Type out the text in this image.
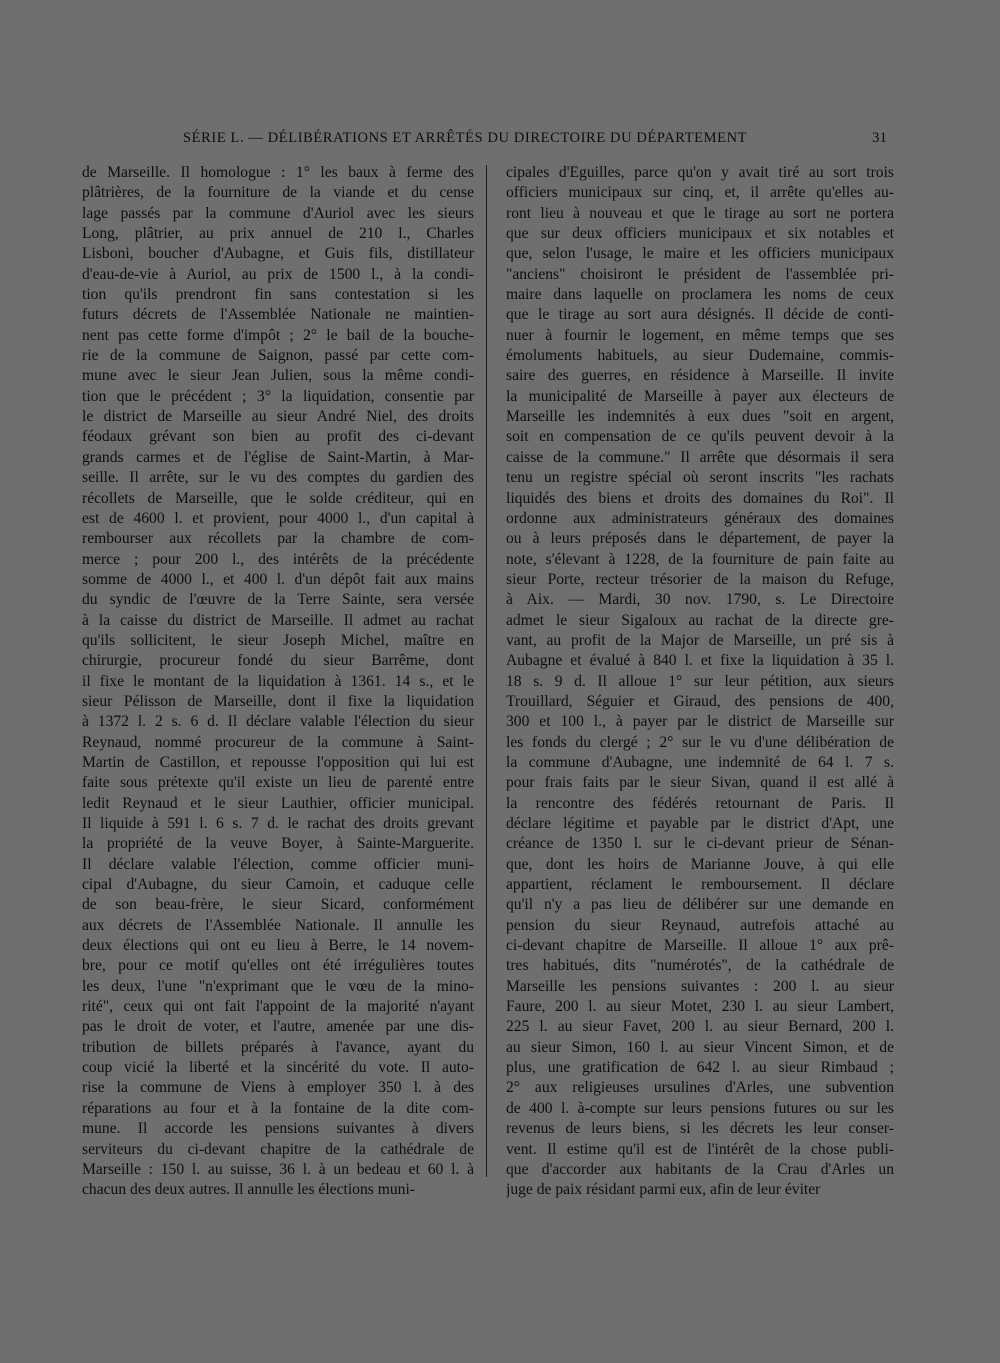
SÉRIE L. — DÉLIBÉRATIONS ET ARRÊTÉS DU DIRECTOIRE DU DÉPARTEMENT	31
de Marseille. Il homologue : 1° les baux à ferme des
plâtrières, de la fourniture de la viande et du cense
lage passés par la commune d'Auriol avec les sieurs
Long, plâtrier, au prix annuel de 210 l., Charles
Lisboni, boucher d'Aubagne, et Guis fils, distillateur
d'eau-de-vie à Auriol, au prix de 1500 l., à la condi-
tion qu'ils prendront fin sans contestation si les
futurs décrets de l'Assemblée Nationale ne maintien-
nent pas cette forme d'impôt ; 2° le bail de la bouche-
rie de la commune de Saignon, passé par cette com-
mune avec le sieur Jean Julien, sous la même condi-
tion que le précédent ; 3° la liquidation, consentie par
le district de Marseille au sieur André Niel, des droits
féodaux grévant son bien au profit des ci-devant
grands carmes et de l'église de Saint-Martin, à Mar-
seille. Il arrête, sur le vu des comptes du gardien des
récollets de Marseille, que le solde créditeur, qui en
est de 4600 l. et provient, pour 4000 l., d'un capital à
rembourser aux récollets par la chambre de com-
merce ; pour 200 l., des intérêts de la précédente
somme de 4000 l., et 400 l. d'un dépôt fait aux mains
du syndic de l'œuvre de la Terre Sainte, sera versée
à la caisse du district de Marseille. Il admet au rachat
qu'ils sollicitent, le sieur Joseph Michel, maître en
chirurgie, procureur fondé du sieur Barrême, dont
il fixe le montant de la liquidation à 1361. 14 s., et le
sieur Pélisson de Marseille, dont il fixe la liquidation
à 1372 l. 2 s. 6 d. Il déclare valable l'élection du sieur
Reynaud, nommé procureur de la commune à Saint-
Martin de Castillon, et repousse l'opposition qui lui est
faite sous prétexte qu'il existe un lieu de parenté entre
ledit Reynaud et le sieur Lauthier, officier municipal.
Il liquide à 591 l. 6 s. 7 d. le rachat des droits grevant
la propriété de la veuve Boyer, à Sainte-Marguerite.
Il déclare valable l'élection, comme officier muni-
cipal d'Aubagne, du sieur Camoin, et caduque celle
de son beau-frère, le sieur Sicard, conformément
aux décrets de l'Assemblée Nationale. Il annulle les
deux élections qui ont eu lieu à Berre, le 14 novem-
bre, pour ce motif qu'elles ont été irrégulières toutes
les deux, l'une "n'exprimant que le vœu de la mino-
rité", ceux qui ont fait l'appoint de la majorité n'ayant
pas le droit de voter, et l'autre, amenée par une dis-
tribution de billets préparés à l'avance, ayant du
coup vicié la liberté et la sincérité du vote. Il auto-
rise la commune de Viens à employer 350 l. à des
réparations au four et à la fontaine de la dite com-
mune. Il accorde les pensions suivantes à divers
serviteurs du ci-devant chapitre de la cathédrale de
Marseille : 150 l. au suisse, 36 l. à un bedeau et 60 l. à
chacun des deux autres. Il annulle les élections muni-
cipales d'Eguilles, parce qu'on y avait tiré au sort trois
officiers municipaux sur cinq, et, il arrête qu'elles au-
ront lieu à nouveau et que le tirage au sort ne portera
que sur deux officiers municipaux et six notables et
que, selon l'usage, le maire et les officiers municipaux
"anciens" choisiront le président de l'assemblée pri-
maire dans laquelle on proclamera les noms de ceux
que le tirage au sort aura désignés. Il décide de conti-
nuer à fournir le logement, en même temps que ses
émoluments habituels, au sieur Dudemaine, commis-
saire des guerres, en résidence à Marseille. Il invite
la municipalité de Marseille à payer aux électeurs de
Marseille les indemnités à eux dues "soit en argent,
soit en compensation de ce qu'ils peuvent devoir à la
caisse de la commune." Il arrête que désormais il sera
tenu un registre spécial où seront inscrits "les rachats
liquidés des biens et droits des domaines du Roi". Il
ordonne aux administrateurs généraux des domaines
ou à leurs préposés dans le département, de payer la
note, s'élevant à 1228, de la fourniture de pain faite au
sieur Porte, recteur trésorier de la maison du Refuge,
à Aix. — Mardi, 30 nov. 1790, s. Le Directoire
admet le sieur Sigaloux au rachat de la directe gre-
vant, au profit de la Major de Marseille, un pré sis à
Aubagne et évalué à 840 l. et fixe la liquidation à 35 l.
18 s. 9 d. Il alloue 1° sur leur pétition, aux sieurs
Trouillard, Séguier et Giraud, des pensions de 400,
300 et 100 l., à payer par le district de Marseille sur
les fonds du clergé ; 2° sur le vu d'une délibération de
la commune d'Aubagne, une indemnité de 64 l. 7 s.
pour frais faits par le sieur Sivan, quand il est allé à
la rencontre des fédérés retournant de Paris. Il
déclare légitime et payable par le district d'Apt, une
créance de 1350 l. sur le ci-devant prieur de Sénan-
que, dont les hoirs de Marianne Jouve, à qui elle
appartient, réclament le remboursement. Il déclare
qu'il n'y a pas lieu de délibérer sur une demande en
pension du sieur Reynaud, autrefois attaché au
ci-devant chapitre de Marseille. Il alloue 1° aux prê-
tres habitués, dits "numérotés", de la cathédrale de
Marseille les pensions suivantes : 200 l. au sieur
Faure, 200 l. au sieur Motet, 230 l. au sieur Lambert,
225 l. au sieur Favet, 200 l. au sieur Bernard, 200 l.
au sieur Simon, 160 l. au sieur Vincent Simon, et de
plus, une gratification de 642 l. au sieur Rimbaud ;
2° aux religieuses ursulines d'Arles, une subvention
de 400 l. à-compte sur leurs pensions futures ou sur les
revenus de leurs biens, si les décrets les leur conser-
vent. Il estime qu'il est de l'intérêt de la chose publi-
que d'accorder aux habitants de la Crau d'Arles un
juge de paix résidant parmi eux, afin de leur éviter
